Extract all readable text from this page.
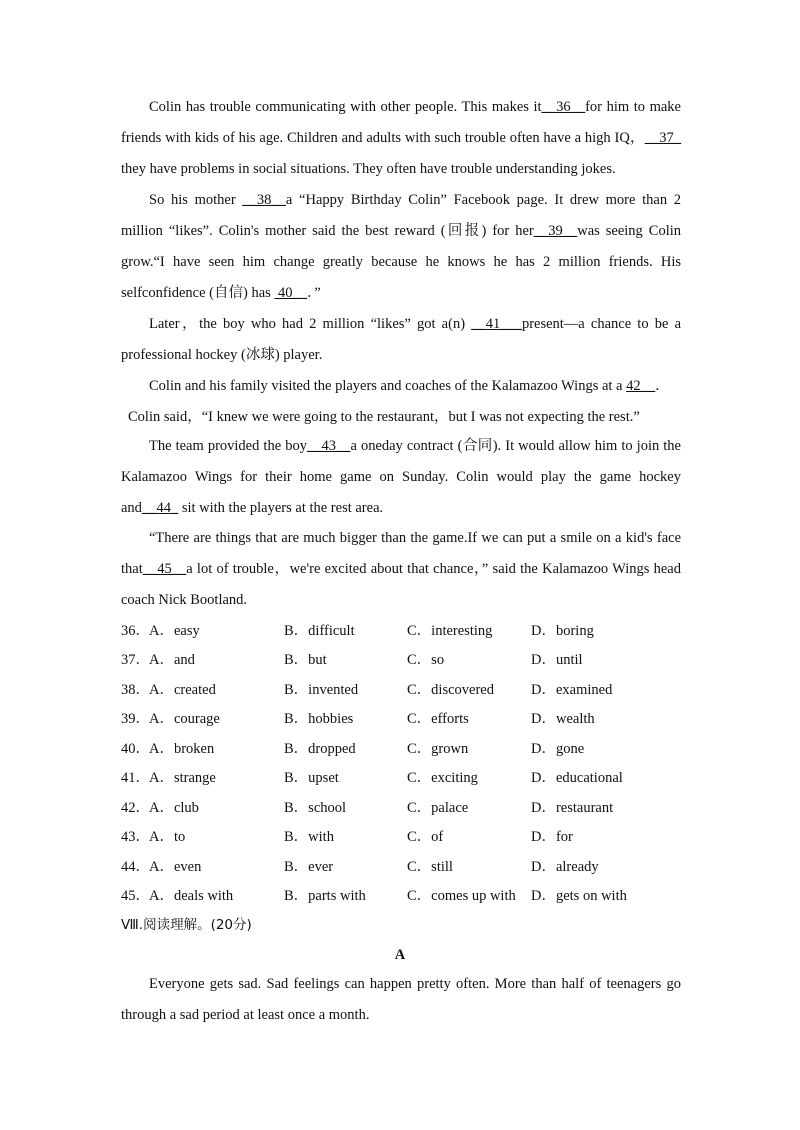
Colin has trouble communicating with other people. This makes it__36__for him to make friends with kids of his age. Children and adults with such trouble often have a high IQ，__37_ they have problems in social situations. They often have trouble understanding jokes.

So his mother __38__a “Happy Birthday Colin” Facebook page. It drew more than 2 million “likes”. Colin's mother said the best reward (回报) for her__39__was seeing Colin grow.“I have seen him change greatly because he knows he has 2 million friends. His selfconfidence (自信) has  40__．”

Later，the boy who had 2 million “likes” got a(n) __41___present—a chance to be a professional hockey (冰球) player.

Colin and his family visited the players and coaches of the Kalamazoo Wings at a 42__．

Colin said，“I knew we were going to the restaurant，but I was not expecting the rest.”

The team provided the boy__43__a oneday contract (合同). It would allow him to join the Kalamazoo Wings for their home game on Sunday. Colin would play the game hockey and__44_ sit with the players at the rest area.

“There are things that are much bigger than the game.If we can put a smile on a kid's face that__45__a lot of trouble，we're excited about that chance，” said the Kalamazoo Wings head coach Nick Bootland.

36． A．easy	B．difficult	C．interesting	D．boring
37． A．and	B．but	C．so	D．until
38． A．created	B．invented	C．discovered	D．examined
39． A．courage	B．hobbies	C．efforts	D．wealth
40． A．broken	B．dropped	C．grown	D．gone
41． A．strange	B．upset	C．exciting	D．educational
42． A．club	B．school	C．palace	D．restaurant
43． A．to	B．with	C．of	D．for
44． A．even	B．ever	C．still	D．already
45． A．deals with	B．parts with	C．comes up with D．gets on with
Ⅷ.阅读理解。(20分)
A

Everyone gets sad. Sad feelings can happen pretty often. More than half of teenagers go through a sad period at least once a month.
